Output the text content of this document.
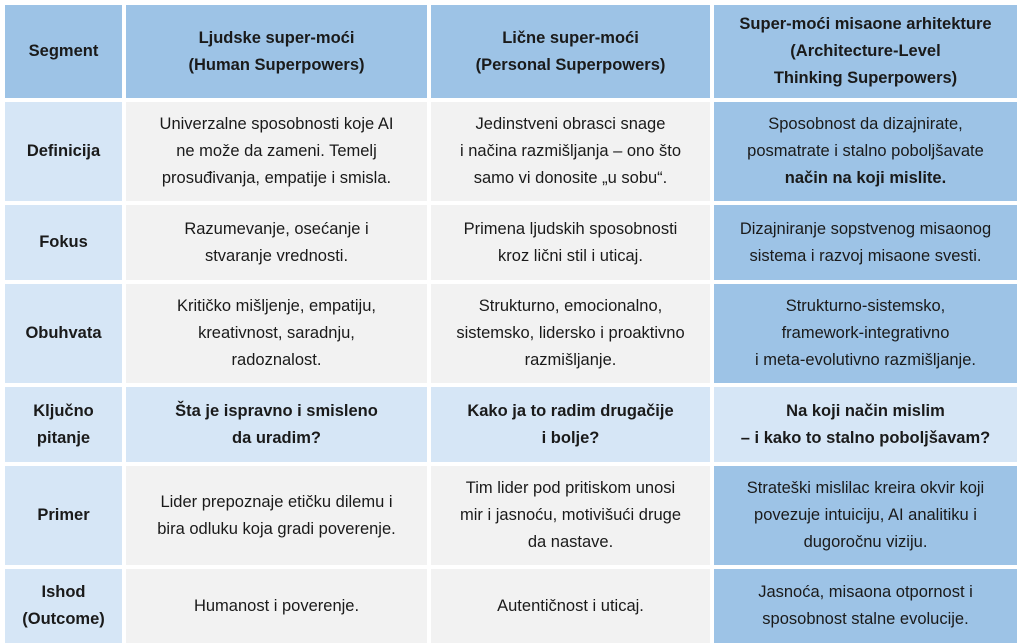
Segment
Ljudske super-moći
(Human Superpowers)
Lične super-moći
(Personal Superpowers)
Super-moći misaone arhitekture
(Architecture-Level
Thinking Superpowers)
Definicija
Univerzalne sposobnosti koje AI
ne može da zameni. Temelj
prosuđivanja, empatije i smisla.
Jedinstveni obrasci snage
i načina razmišljanja – ono što
samo vi donosite „u sobu“.
Sposobnost da dizajnirate,
posmatrate i stalno poboljšavate
način na koji mislite.
Fokus
Razumevanje, osećanje i
stvaranje vrednosti.
Primena ljudskih sposobnosti
kroz lični stil i uticaj.
Dizajniranje sopstvenog misaonog
sistema i razvoj misaone svesti.
Obuhvata
Kritičko mišljenje, empatiju,
kreativnost, saradnju,
radoznalost.
Strukturno, emocionalno,
sistemsko, lidersko i proaktivno
razmišljanje.
Strukturno-sistemsko,
framework-integrativno
i meta-evolutivno razmišljanje.
Ključno
pitanje
Šta je ispravno i smisleno
da uradim?
Kako ja to radim drugačije
i bolje?
Na koji način mislim
– i kako to stalno poboljšavam?
Primer
Lider prepoznaje etičku dilemu i
bira odluku koja gradi poverenje.
Tim lider pod pritiskom unosi
mir i jasnoću, motivišući druge
da nastave.
Strateški mislilac kreira okvir koji
povezuje intuiciju, AI analitiku i
dugoročnu viziju.
Ishod
(Outcome)
Humanost i poverenje.	Autentičnost i uticaj.
Jasnoća, misaona otpornost i
sposobnost stalne evolucije.
